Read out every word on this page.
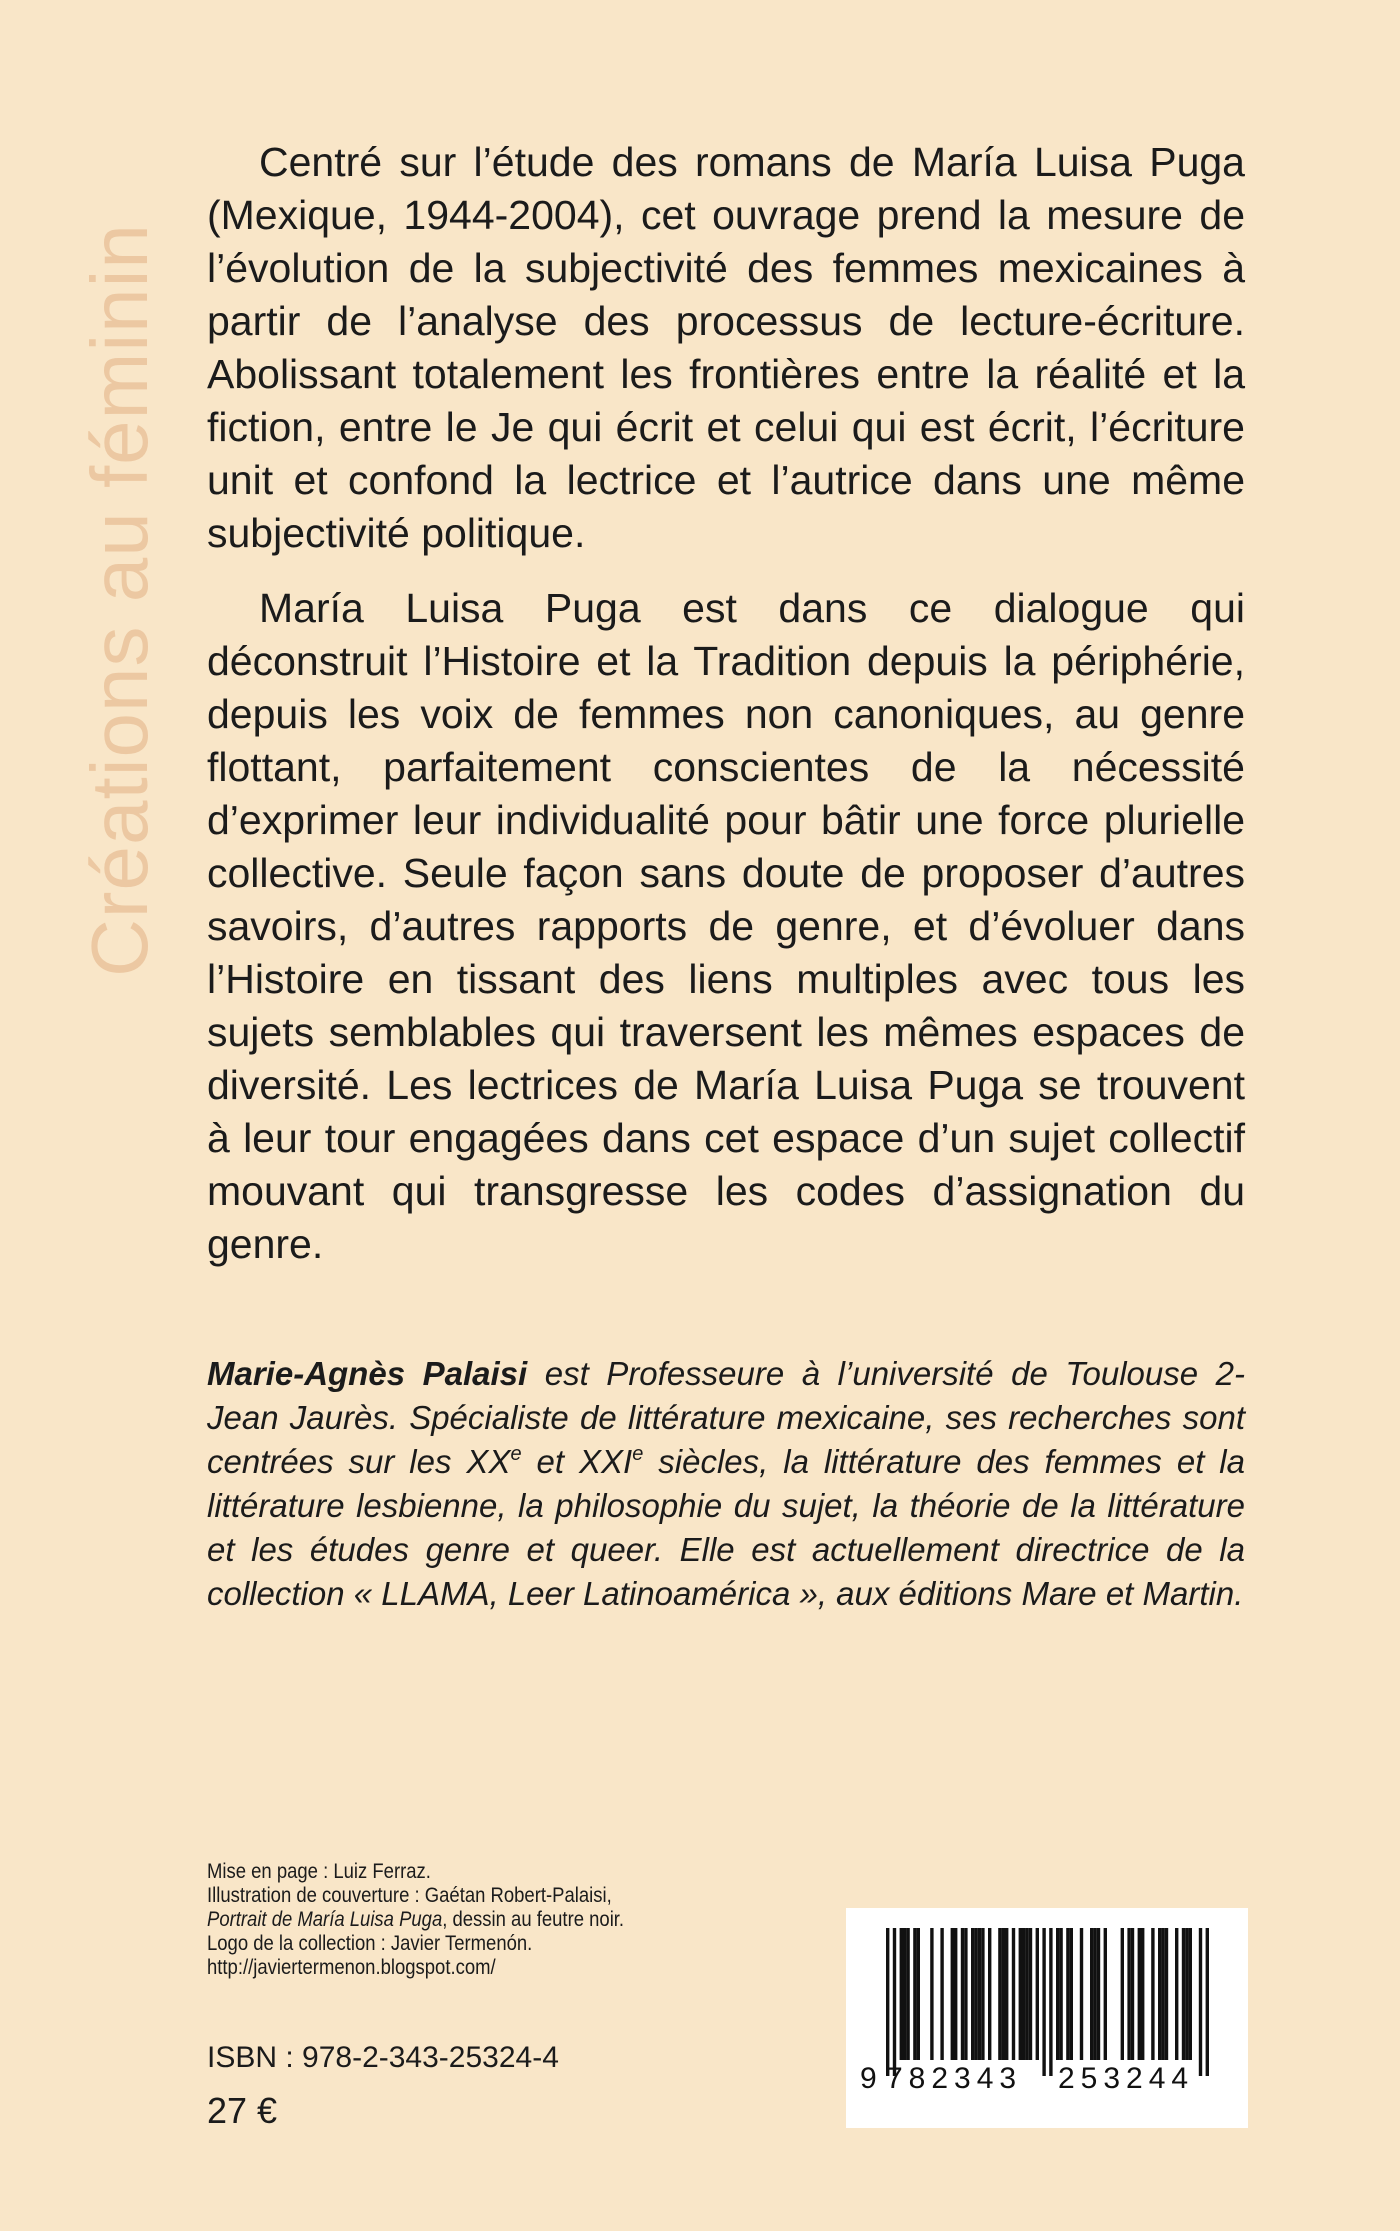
Créations au féminin

Centré sur l’étude des romans de María Luisa Puga (Mexique, 1944-2004), cet ouvrage prend la mesure de l’évolution de la subjectivité des femmes mexicaines à partir de l’analyse des processus de lecture-écriture. Abolissant totalement les frontières entre la réalité et la fiction, entre le Je qui écrit et celui qui est écrit, l’écriture unit et confond la lectrice et l’autrice dans une même subjectivité politique.

María Luisa Puga est dans ce dialogue qui déconstruit l’Histoire et la Tradition depuis la périphérie, depuis les voix de femmes non canoniques, au genre flottant, parfaitement conscientes de la nécessité d’exprimer leur individualité pour bâtir une force plurielle collective. Seule façon sans doute de proposer d’autres savoirs, d’autres rapports de genre, et d’évoluer dans l’Histoire en tissant des liens multiples avec tous les sujets semblables qui traversent les mêmes espaces de diversité. Les lectrices de María Luisa Puga se trouvent à leur tour engagées dans cet espace d’un sujet collectif mouvant qui transgresse les codes d’assignation du genre.

Marie-Agnès Palaisi est Professeure à l’université de Toulouse 2-Jean Jaurès. Spécialiste de littérature mexicaine, ses recherches sont centrées sur les XXe et XXIe siècles, la littérature des femmes et la littérature lesbienne, la philosophie du sujet, la théorie de la littérature et les études genre et queer. Elle est actuellement directrice de la collection « LLAMA, Leer Latinoamérica », aux éditions Mare et Martin.
Mise en page : Luiz Ferraz.
Illustration de couverture : Gaétan Robert-Palaisi,
Portrait de María Luisa Puga, dessin au feutre noir.
Logo de la collection : Javier Termenón.
http://javiertermenon.blogspot.com/
ISBN : 978-2-343-25324-4
27 €
9 782343 253244
